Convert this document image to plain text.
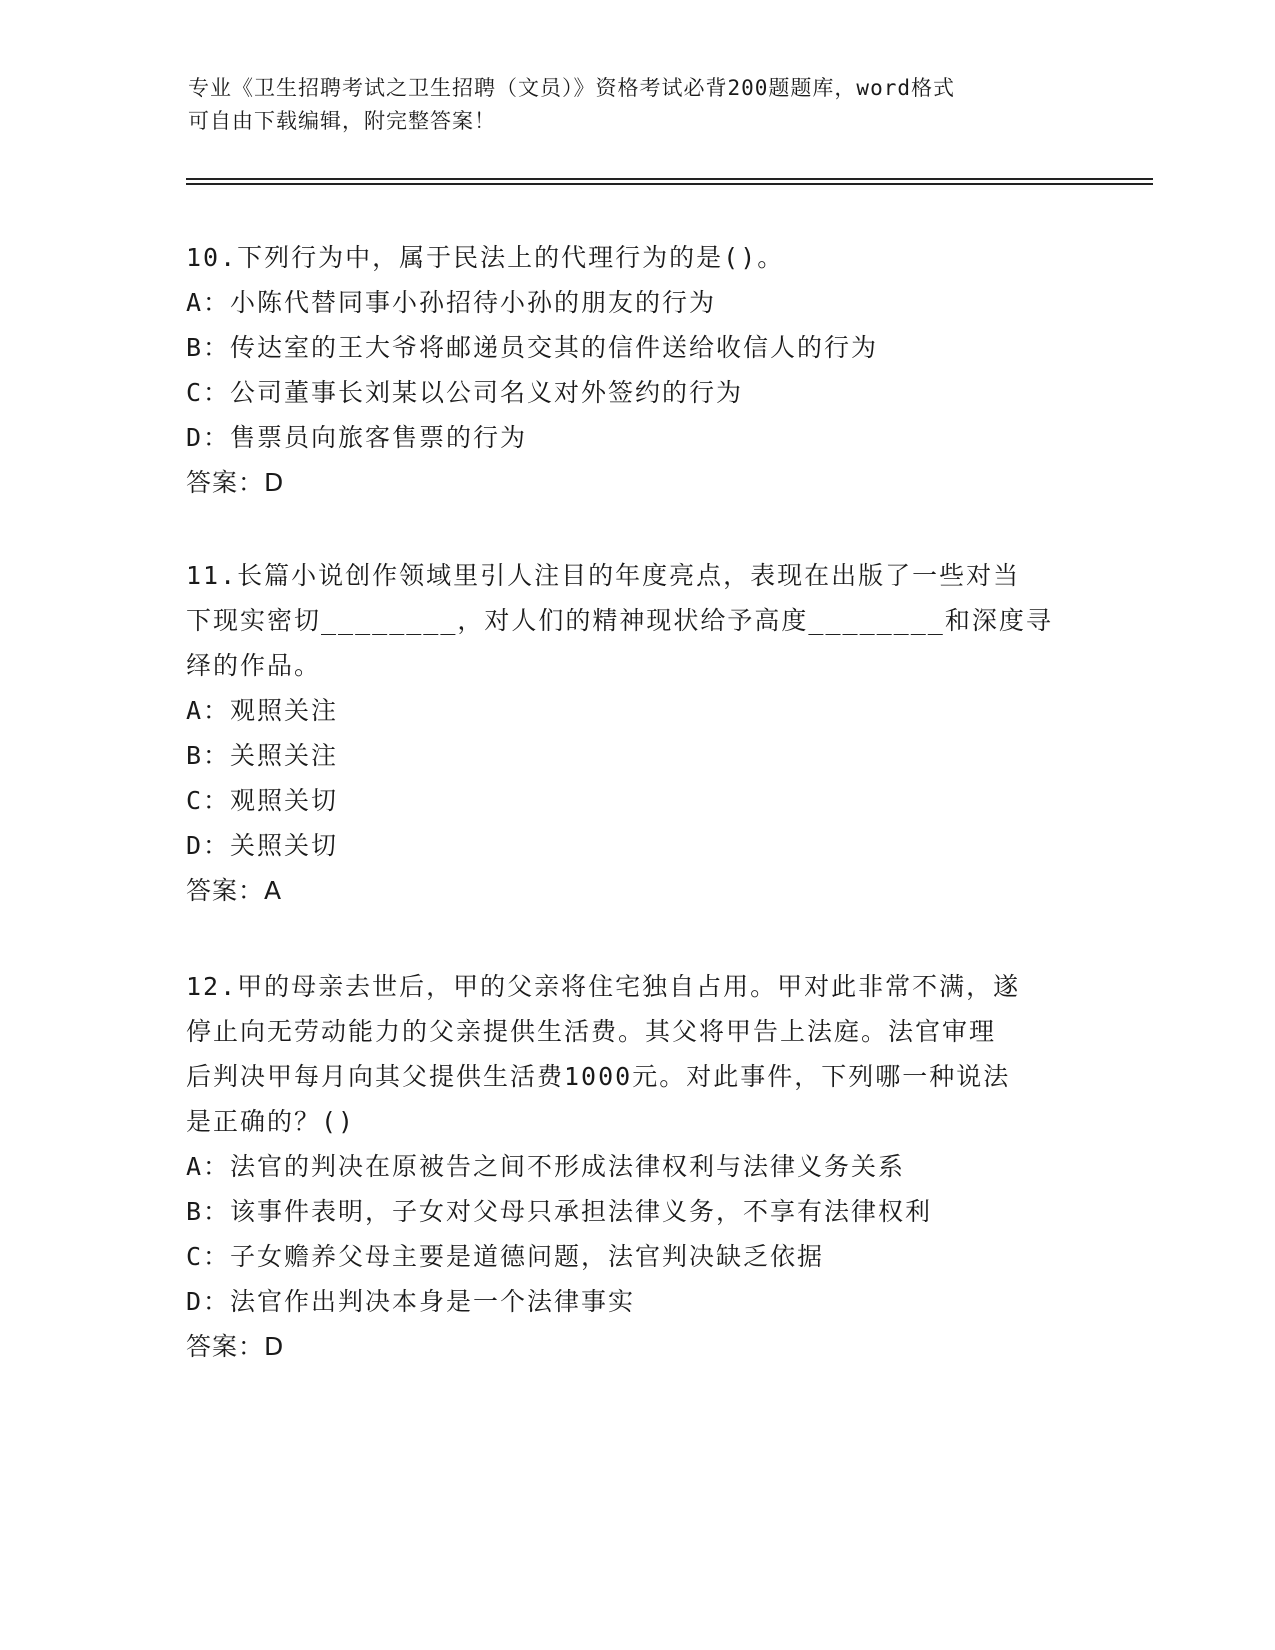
专业《卫生招聘考试之卫生招聘（文员）》资格考试必背200题题库，word格式
可自由下载编辑，附完整答案！
10.下列行为中，属于民法上的代理行为的是()。
A：小陈代替同事小孙招待小孙的朋友的行为
B：传达室的王大爷将邮递员交其的信件送给收信人的行为
C：公司董事长刘某以公司名义对外签约的行为
D：售票员向旅客售票的行为
答案：D
11.长篇小说创作领域里引人注目的年度亮点，表现在出版了一些对当
下现实密切________，对人们的精神现状给予高度________和深度寻
绎的作品。
A：观照关注
B：关照关注
C：观照关切
D：关照关切
答案：A
12.甲的母亲去世后，甲的父亲将住宅独自占用。甲对此非常不满，遂
停止向无劳动能力的父亲提供生活费。其父将甲告上法庭。法官审理
后判决甲每月向其父提供生活费1000元。对此事件，下列哪一种说法
是正确的？()
A：法官的判决在原被告之间不形成法律权利与法律义务关系
B：该事件表明，子女对父母只承担法律义务，不享有法律权利
C：子女赡养父母主要是道德问题，法官判决缺乏依据
D：法官作出判决本身是一个法律事实
答案：D
